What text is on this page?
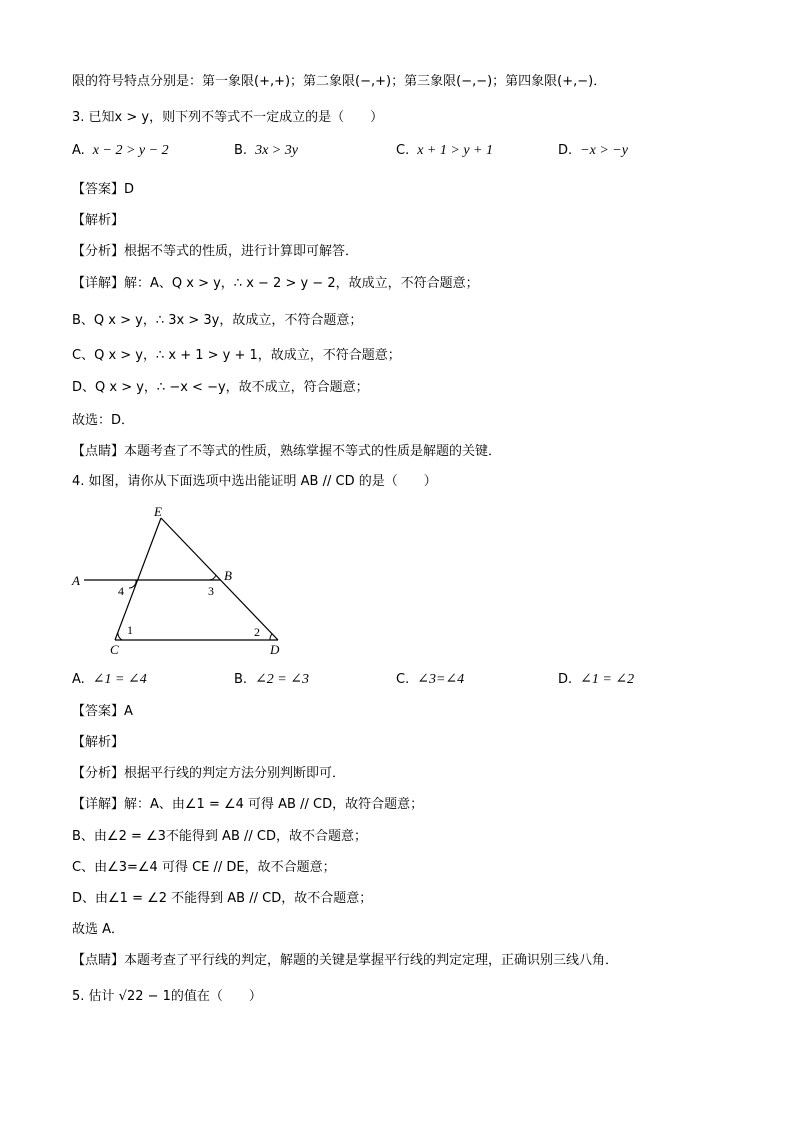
限的符号特点分别是：第一象限(+,+)；第二象限(−,+)；第三象限(−,−)；第四象限(+,−)．
3. 已知x > y，则下列不等式不一定成立的是（　　）
A. x − 2 > y − 2	B. 3x > 3y	C. x + 1 > y + 1	D. −x > −y
【答案】D
【解析】
【分析】根据不等式的性质，进行计算即可解答．
【详解】解：A、Q x > y，∴ x − 2 > y − 2，故成立，不符合题意；
B、Q x > y，∴ 3x > 3y，故成立，不符合题意；
C、Q x > y，∴ x + 1 > y + 1，故成立，不符合题意；
D、Q x > y，∴ −x < −y，故不成立，符合题意；
故选：D．
【点睛】本题考查了不等式的性质，熟练掌握不等式的性质是解题的关键．
4. 如图，请你从下面选项中选出能证明 AB // CD 的是（　　）
E
A	B
C	D
1	2
3
4
A. ∠1 = ∠4	B. ∠2 = ∠3	C. ∠3=∠4	D. ∠1 = ∠2
【答案】A
【解析】
【分析】根据平行线的判定方法分别判断即可．
【详解】解：A、由∠1 = ∠4 可得 AB // CD，故符合题意；
B、由∠2 = ∠3不能得到 AB // CD，故不合题意；
C、由∠3=∠4 可得 CE // DE，故不合题意；
D、由∠1 = ∠2 不能得到 AB // CD，故不合题意；
故选 A．
【点睛】本题考查了平行线的判定，解题的关键是掌握平行线的判定定理，正确识别三线八角．
5. 估计 √22 − 1的值在（　　）
